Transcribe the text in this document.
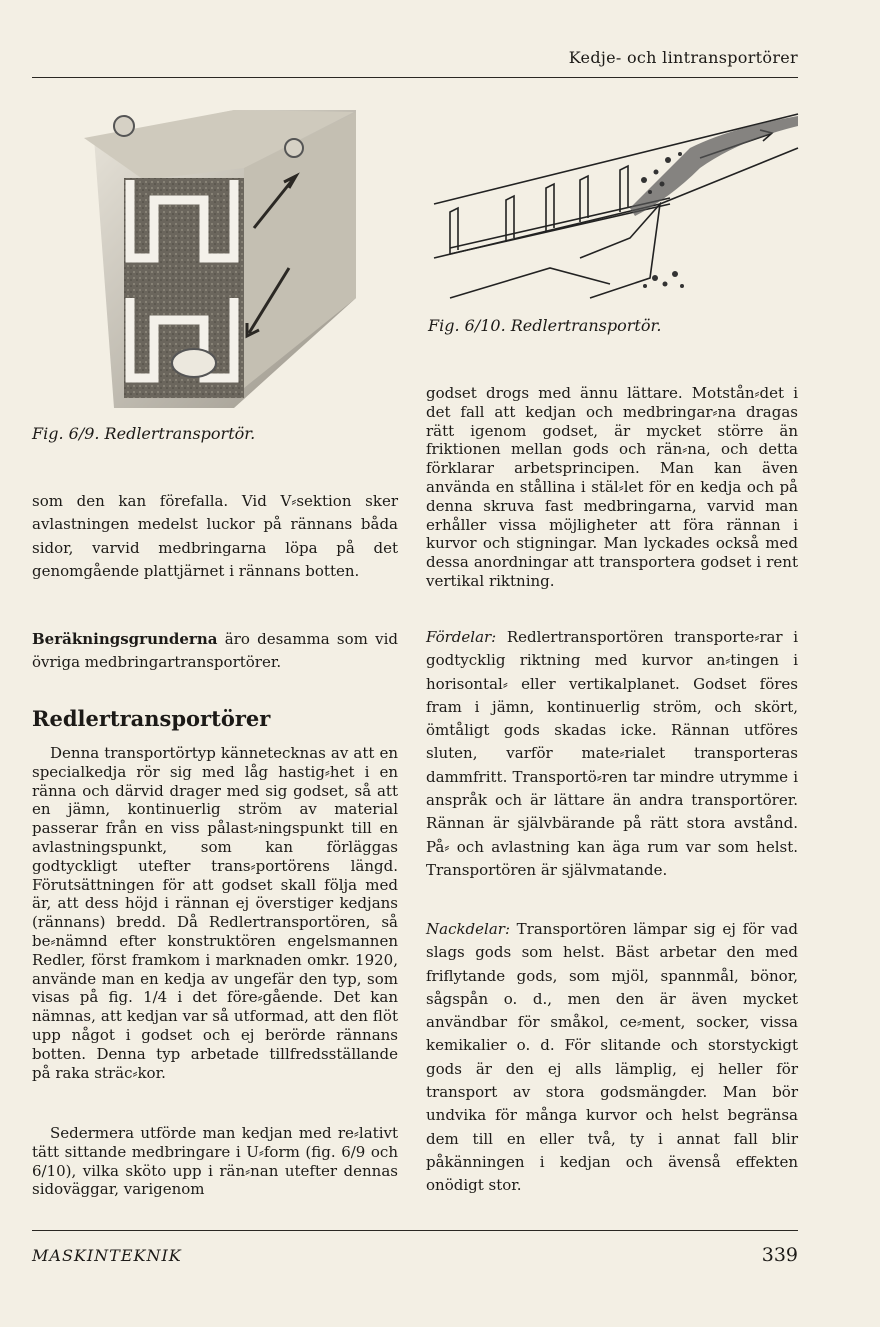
Kedje- och lintransportörer
Fig. 6/9. Redlertransportör.
Fig. 6/10. Redlertransportör.
som den kan förefalla. Vid V⸗sektion sker avlastningen medelst luckor på rännans båda sidor, varvid medbringarna löpa på det genomgående plattjärnet i rännans botten.
Beräkningsgrunderna äro desamma som vid övriga medbringartransportörer.
Redlertransportörer
Denna transportörtyp kännetecknas av att en specialkedja rör sig med låg hastig⸗het i en ränna och därvid drager med sig godset, så att en jämn, kontinuerlig ström av material passerar från en viss pålast⸗ningspunkt till en avlastningspunkt, som kan förläggas godtyckligt utefter trans⸗portörens längd. Förutsättningen för att godset skall följa med är, att dess höjd i rännan ej överstiger kedjans (rännans) bredd. Då Redlertransportören, så be⸗nämnd efter konstruktören engelsmannen Redler, först framkom i marknaden omkr. 1920, använde man en kedja av ungefär den typ, som visas på fig. 1/4 i det före⸗gående. Det kan nämnas, att kedjan var så utformad, att den flöt upp något i godset och ej berörde rännans botten. Denna typ arbetade tillfredsställande på raka sträc⸗kor.
Sedermera utförde man kedjan med re⸗lativt tätt sittande medbringare i U⸗form (fig. 6/9 och 6/10), vilka sköto upp i rän⸗nan utefter dennas sidoväggar, varigenom
godset drogs med ännu lättare. Motstån⸗det i det fall att kedjan och medbringar⸗na dragas rätt igenom godset, är mycket större än friktionen mellan gods och rän⸗na, och detta förklarar arbetsprincipen. Man kan även använda en stållina i stäl⸗let för en kedja och på denna skruva fast medbringarna, varvid man erhåller vissa möjligheter att föra rännan i kurvor och stigningar. Man lyckades också med dessa anordningar att transportera godset i rent vertikal riktning.
Fördelar: Redlertransportören transporte⸗rar i godtycklig riktning med kurvor an⸗tingen i horisontal⸗ eller vertikalplanet. Godset föres fram i jämn, kontinuerlig ström, och skört, ömtåligt gods skadas icke. Rännan utföres sluten, varför mate⸗rialet transporteras dammfritt. Transportö⸗ren tar mindre utrymme i anspråk och är lättare än andra transportörer. Rännan är självbärande på rätt stora avstånd. På⸗ och avlastning kan äga rum var som helst. Transportören är självmatande.
Nackdelar: Transportören lämpar sig ej för vad slags gods som helst. Bäst arbetar den med friflytande gods, som mjöl, spannmål, bönor, sågspån o. d., men den är även mycket användbar för småkol, ce⸗ment, socker, vissa kemikalier o. d. För slitande och storstyckigt gods är den ej alls lämplig, ej heller för transport av stora godsmängder. Man bör undvika för många kurvor och helst begränsa dem till en eller två, ty i annat fall blir påkänningen i kedjan och ävenså effekten onödigt stor.
MASKINTEKNIK	339
